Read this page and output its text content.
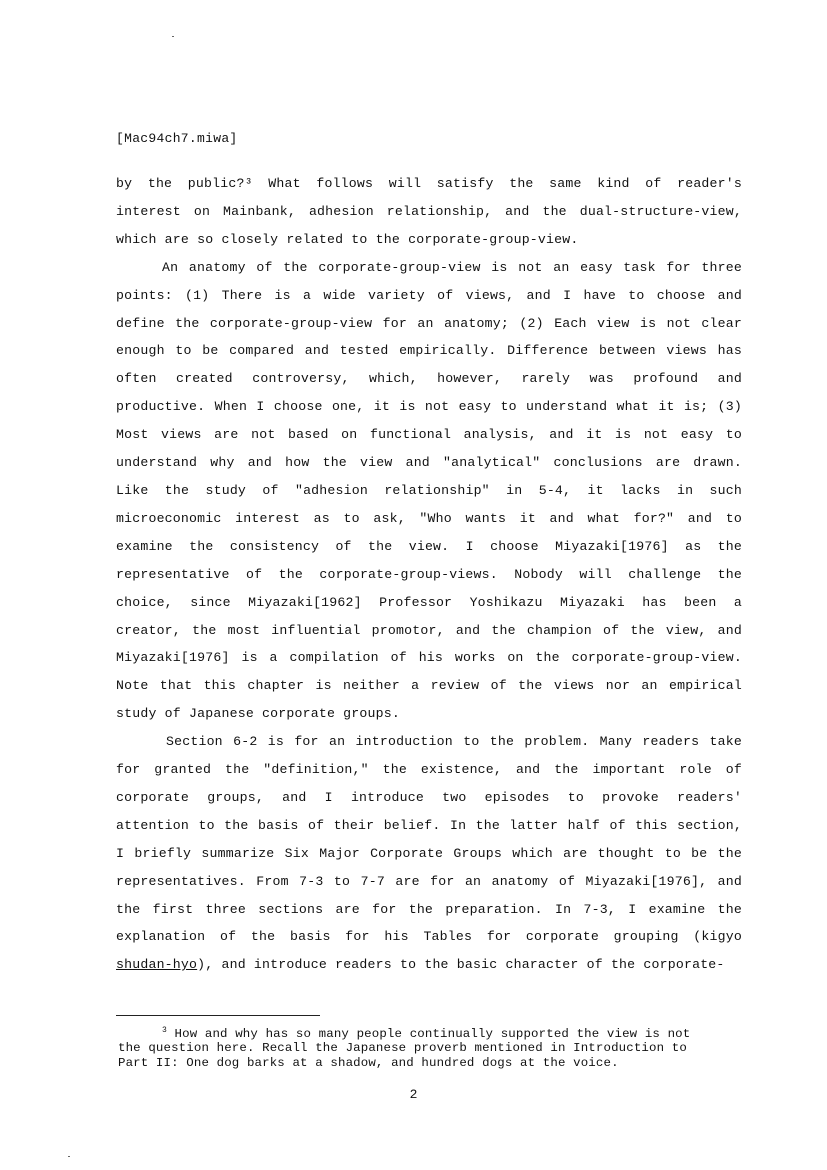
[Mac94ch7.miwa]
by the public?³ What follows will satisfy the same kind of reader's
interest on Mainbank, adhesion relationship, and the dual-structure-view,
which are so closely related to the corporate-group-view.
An anatomy of the corporate-group-view is not an easy task for three
points: (1) There is a wide variety of views, and I have to choose and
define the corporate-group-view for an anatomy; (2) Each view is not clear
enough to be compared and tested empirically. Difference between views has
often created controversy, which, however, rarely was profound and
productive. When I choose one, it is not easy to understand what it is; (3)
Most views are not based on functional analysis, and it is not easy to
understand why and how the view and "analytical" conclusions are drawn.
Like the study of "adhesion relationship" in 5-4, it lacks in such
microeconomic interest as to ask, "Who wants it and what for?" and to
examine the consistency of the view. I choose Miyazaki[1976] as the
representative of the corporate-group-views. Nobody will challenge the
choice, since Miyazaki[1962] Professor Yoshikazu Miyazaki has been a
creator, the most influential promotor, and the champion of the view, and
Miyazaki[1976] is a compilation of his works on the corporate-group-view.
Note that this chapter is neither a review of the views nor an empirical
study of Japanese corporate groups.
Section 6-2 is for an introduction to the problem. Many readers take
for granted the "definition," the existence, and the important role of
corporate groups, and I introduce two episodes to provoke readers'
attention to the basis of their belief. In the latter half of this section,
I briefly summarize Six Major Corporate Groups which are thought to be the
representatives. From 7-3 to 7-7 are for an anatomy of Miyazaki[1976], and
the first three sections are for the preparation. In 7-3, I examine the
explanation of the basis for his Tables for corporate grouping (kigyo
shudan-hyo), and introduce readers to the basic character of the corporate-
$^3$ How and why has so many people continually supported the view is not
the question here. Recall the Japanese proverb mentioned in Introduction to
Part II: One dog barks at a shadow, and hundred dogs at the voice.
2
